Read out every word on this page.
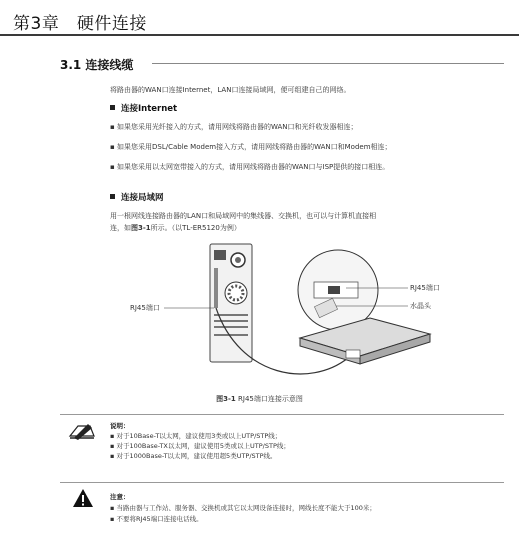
第3章　硬件连接
3.1 连接线缆
将路由器的WAN口连接Internet，LAN口连接局域网，便可组建自己的网络。
连接Internet
▪ 如果您采用光纤接入的方式，请用网线将路由器的WAN口和光纤收发器相连；
▪ 如果您采用DSL/Cable Modem接入方式，请用网线将路由器的WAN口和Modem相连；
▪ 如果您采用以太网宽带接入的方式，请用网线将路由器的WAN口与ISP提供的接口相连。
连接局域网
用一根网线连接路由器的LAN口和局域网中的集线器、交换机，也可以与计算机直接相
连，如图3-1所示。（以TL-ER5120为例）
RJ45端口
RJ45端口
水晶头
图3-1 RJ45端口连接示意图
说明：
▪ 对于10Base-T以太网，建议使用3类或以上UTP/STP线；
▪ 对于100Base-TX以太网，建议使用5类或以上UTP/STP线；
▪ 对于1000Base-T以太网，建议使用超5类UTP/STP线。
注意：
▪ 当路由器与工作站、服务器、交换机或其它以太网设备连接时，网线长度不能大于100米；
▪ 不要将RJ45端口连接电话线。
